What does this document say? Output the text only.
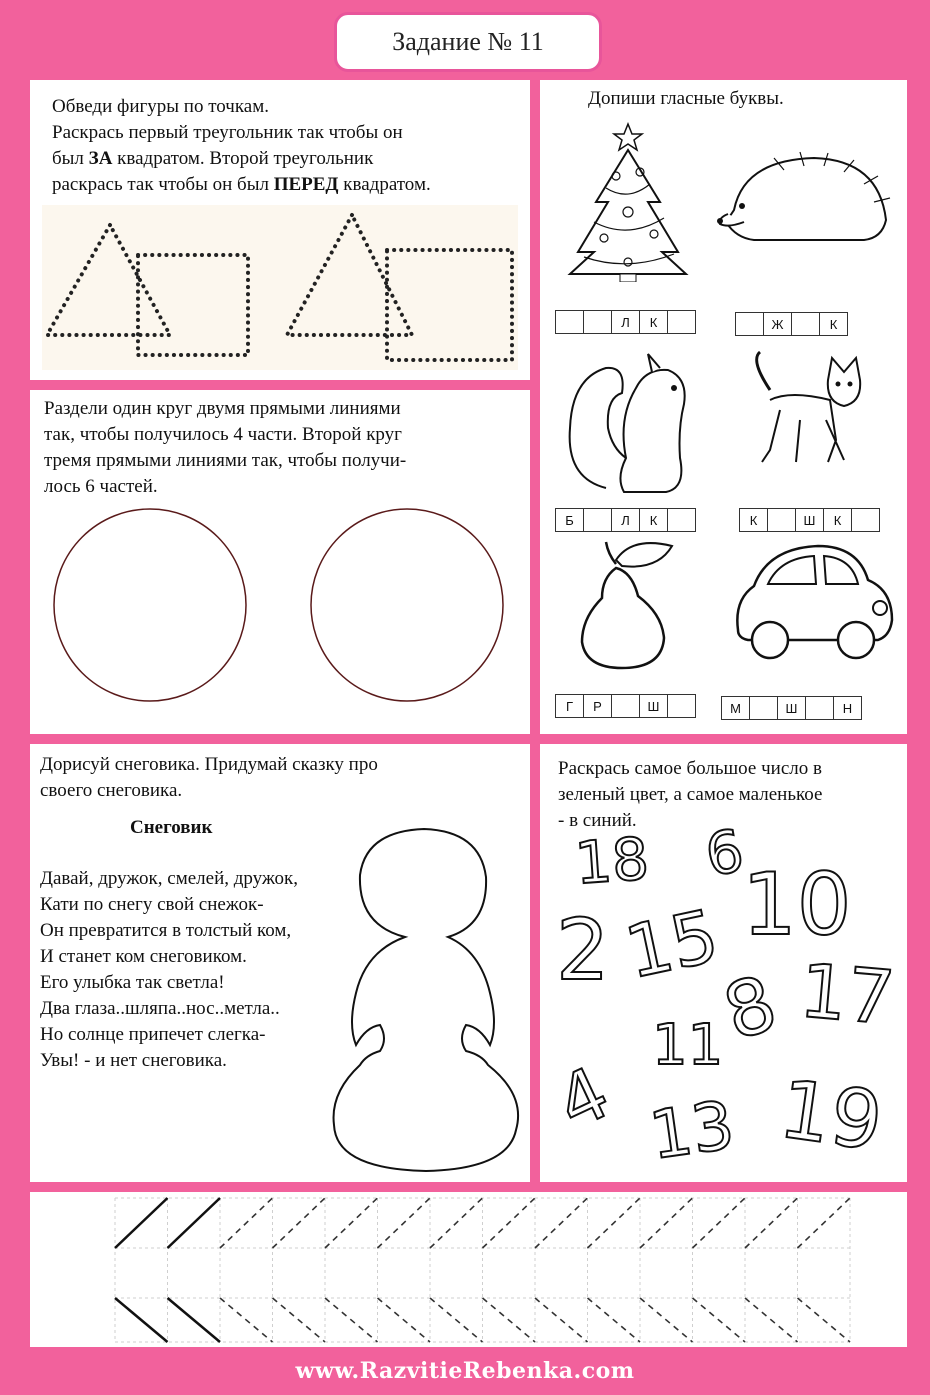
Задание № 11
Обведи фигуры по точкам.
Раскрась первый треугольник так чтобы он
был ЗА квадратом. Второй треугольник
раскрась так чтобы он был ПЕРЕД квадратом.
Раздели один круг двумя прямыми линиями
так, чтобы получилось 4 части. Второй круг
тремя прямыми линиями так, чтобы получи-
лось 6 частей.
Допиши гласные буквы.
Л	К	Ж	К
Б	Л	К	К	Ш	К
Г	Р	Ш	М	Ш	Н
Дорисуй снеговика. Придумай сказку про
своего снеговика.
Снеговик
Давай, дружок, смелей, дружок,
Кати по снегу свой снежок-
Он превратится в толстый ком,
И станет ком снеговиком.
Его улыбка так светла!
Два глаза..шляпа..нос..метла..
Но солнце припечет слегка-
Увы! - и нет снеговика.
Раскрась самое большое число в
зеленый цвет, а самое маленькое
- в синий.
18 6
10
2 15
17
8
11
4 13 19
www.RazvitieRebenka.com
